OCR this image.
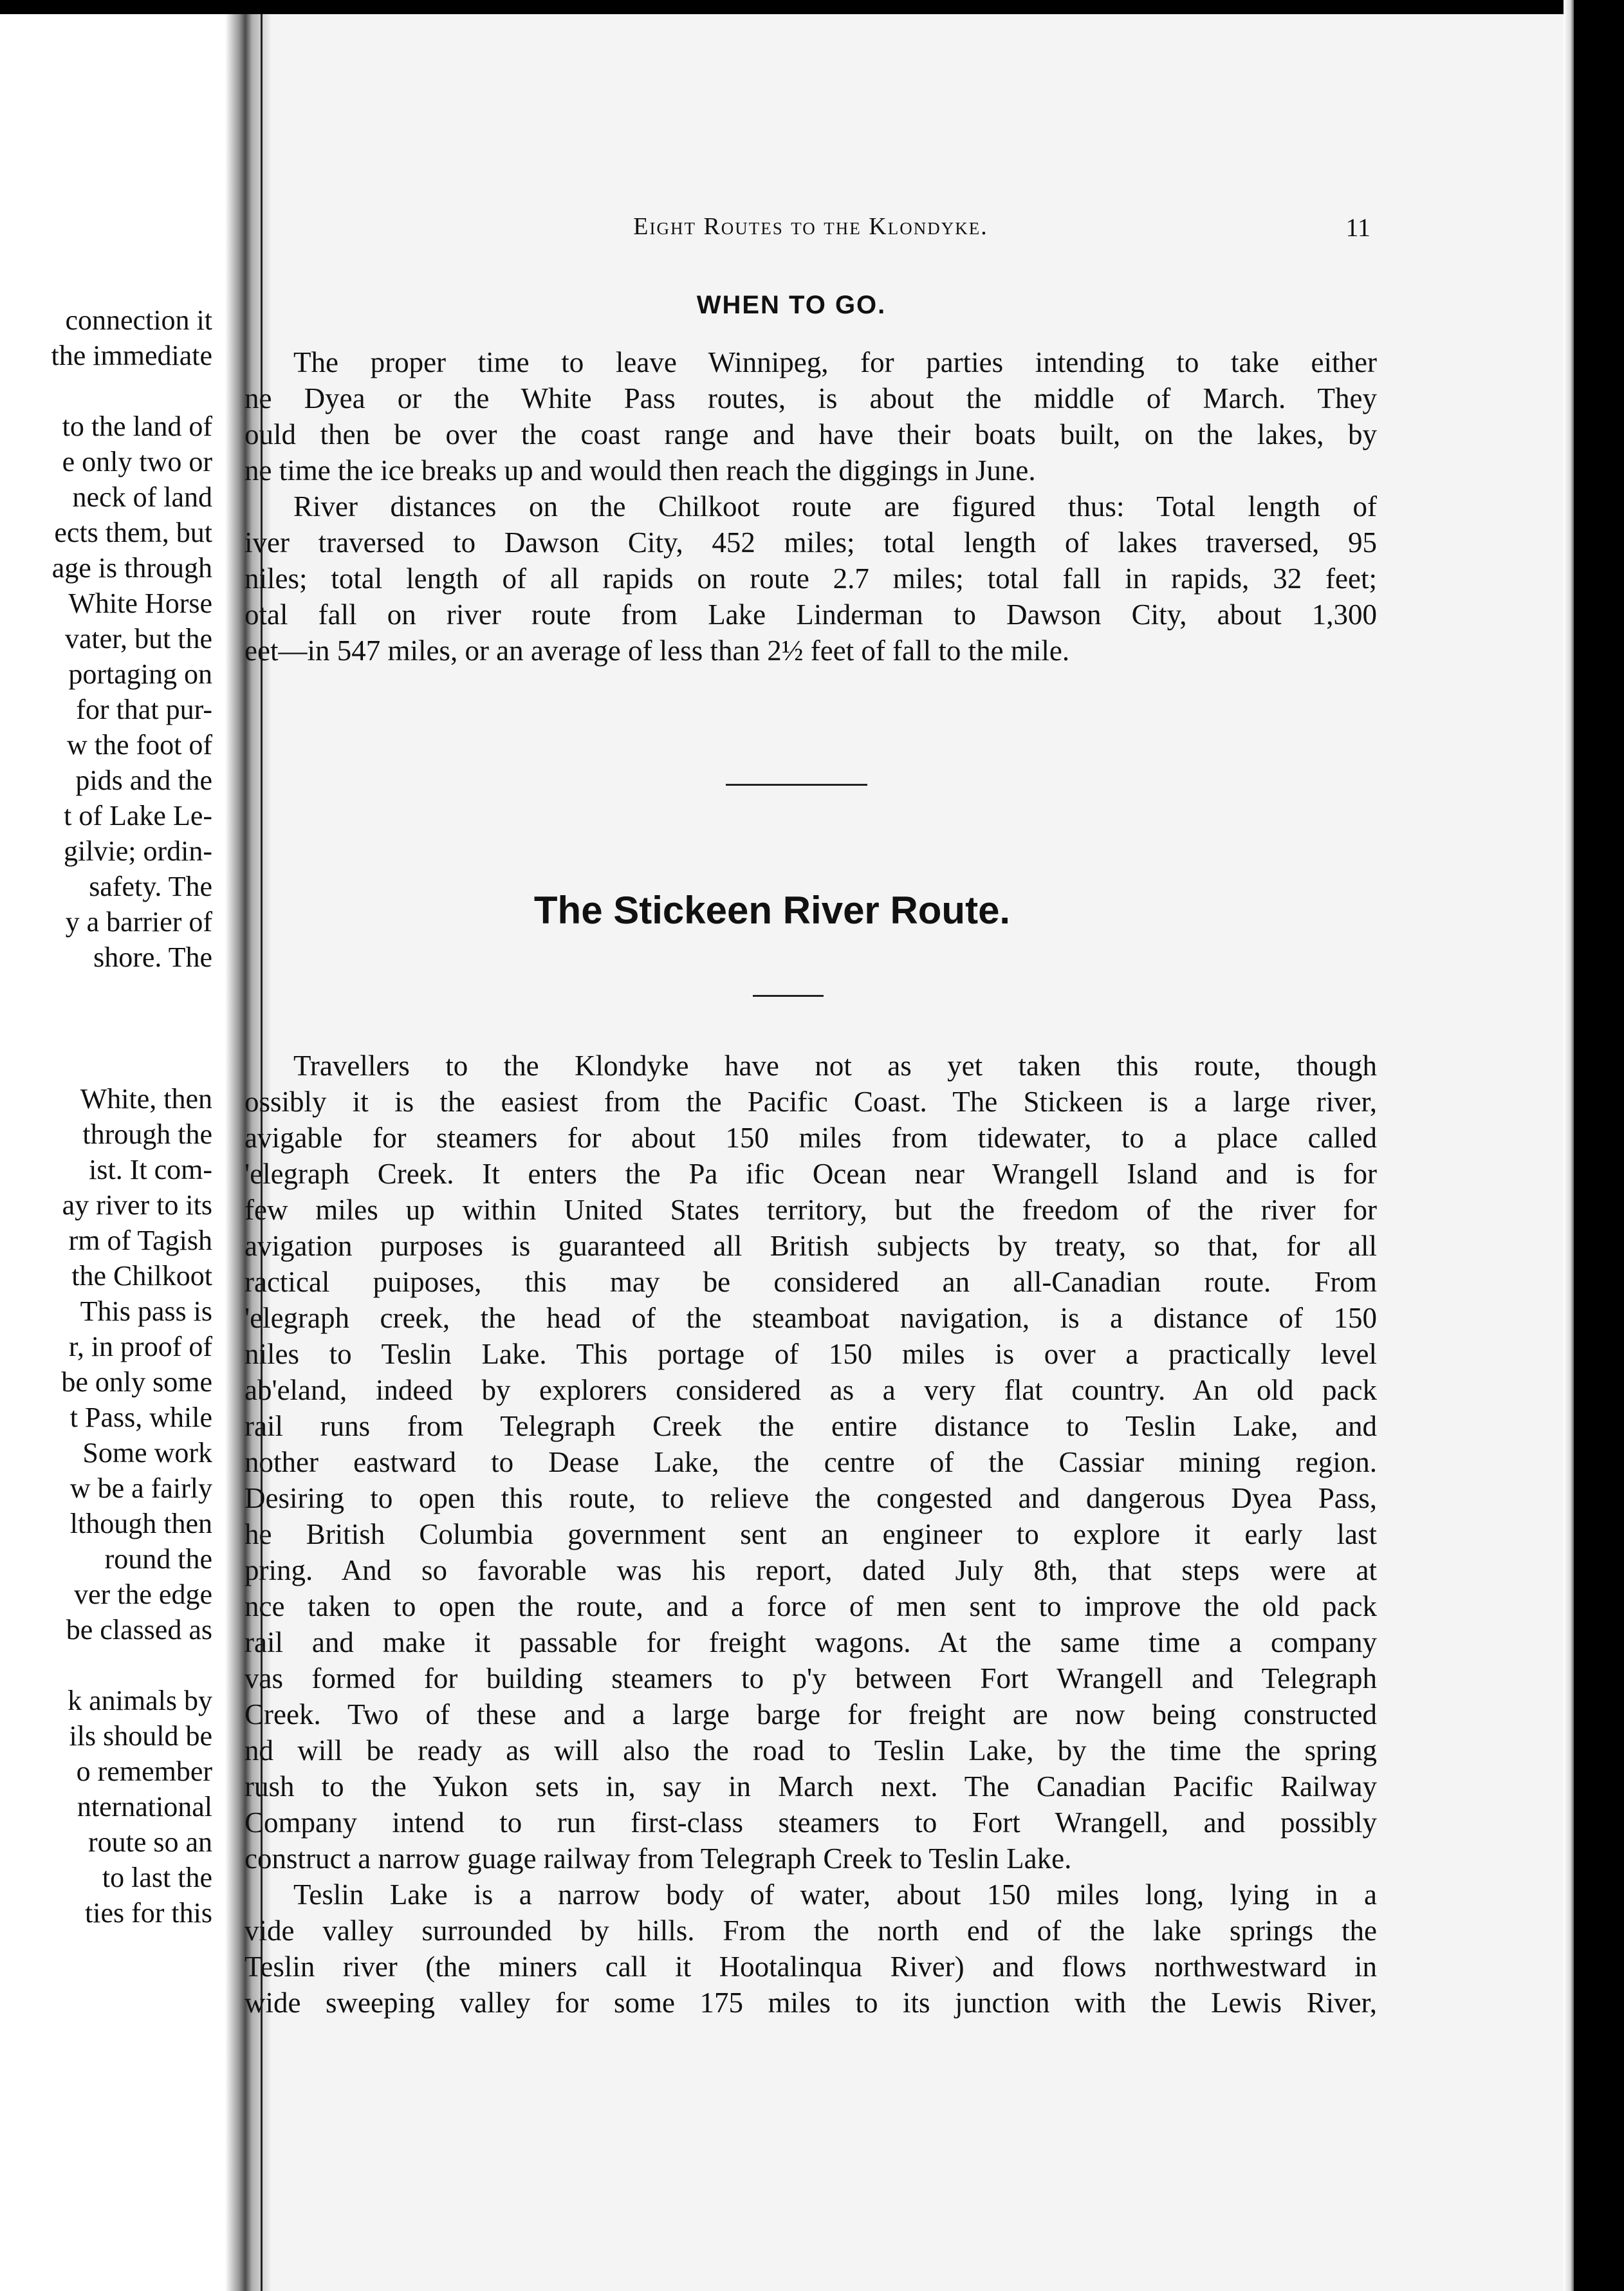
connection it
the immediate
to the land of
e only two or
neck of land
ects them, but
age is through
White Horse
vater, but the
portaging on
for that pur-
w the foot of
pids and the
t of Lake Le-
gilvie; ordin-
safety. The
y a barrier of
shore. The
White, then
through the
ist. It com-
ay river to its
rm of Tagish
the Chilkoot
This pass is
r, in proof of
be only some
t Pass, while
Some work
w be a fairly
lthough then
round the
ver the edge
be classed as
k animals by
ils should be
o remember
nternational
route so an
to last the
ties for this
Eight Routes to the Klondyke.	11
WHEN TO GO.
The proper time to leave Winnipeg, for parties intending to take either
ne Dyea or the White Pass routes, is about the middle of March. They
ould then be over the coast range and have their boats built, on the lakes, by
ne time the ice breaks up and would then reach the diggings in June.
River distances on the Chilkoot route are figured thus: Total length of
iver traversed to Dawson City, 452 miles; total length of lakes traversed, 95
niles; total length of all rapids on route 2.7 miles; total fall in rapids, 32 feet;
otal fall on river route from Lake Linderman to Dawson City, about 1,300
eet—in 547 miles, or an average of less than 2½ feet of fall to the mile.
The Stickeen River Route.
Travellers to the Klondyke have not as yet taken this route, though
ossibly it is the easiest from the Pacific Coast. The Stickeen is a large river,
avigable for steamers for about 150 miles from tidewater, to a place called
'elegraph Creek. It enters the Pa ific Ocean near Wrangell Island and is for
few miles up within United States territory, but the freedom of the river for
avigation purposes is guaranteed all British subjects by treaty, so that, for all
ractical puiposes, this may be considered an all-Canadian route. From
'elegraph creek, the head of the steamboat navigation, is a distance of 150
niles to Teslin Lake. This portage of 150 miles is over a practically level
ab'eland, indeed by explorers considered as a very flat country. An old pack
rail runs from Telegraph Creek the entire distance to Teslin Lake, and
nother eastward to Dease Lake, the centre of the Cassiar mining region.
Desiring to open this route, to relieve the congested and dangerous Dyea Pass,
he British Columbia government sent an engineer to explore it early last
pring. And so favorable was his report, dated July 8th, that steps were at
nce taken to open the route, and a force of men sent to improve the old pack
rail and make it passable for freight wagons. At the same time a company
vas formed for building steamers to p'y between Fort Wrangell and Telegraph
Creek. Two of these and a large barge for freight are now being constructed
nd will be ready as will also the road to Teslin Lake, by the time the spring
rush to the Yukon sets in, say in March next. The Canadian Pacific Railway
Company intend to run first-class steamers to Fort Wrangell, and possibly
construct a narrow guage railway from Telegraph Creek to Teslin Lake.
Teslin Lake is a narrow body of water, about 150 miles long, lying in a
vide valley surrounded by hills. From the north end of the lake springs the
Teslin river (the miners call it Hootalinqua River) and flows northwestward in
wide sweeping valley for some 175 miles to its junction with the Lewis River,
